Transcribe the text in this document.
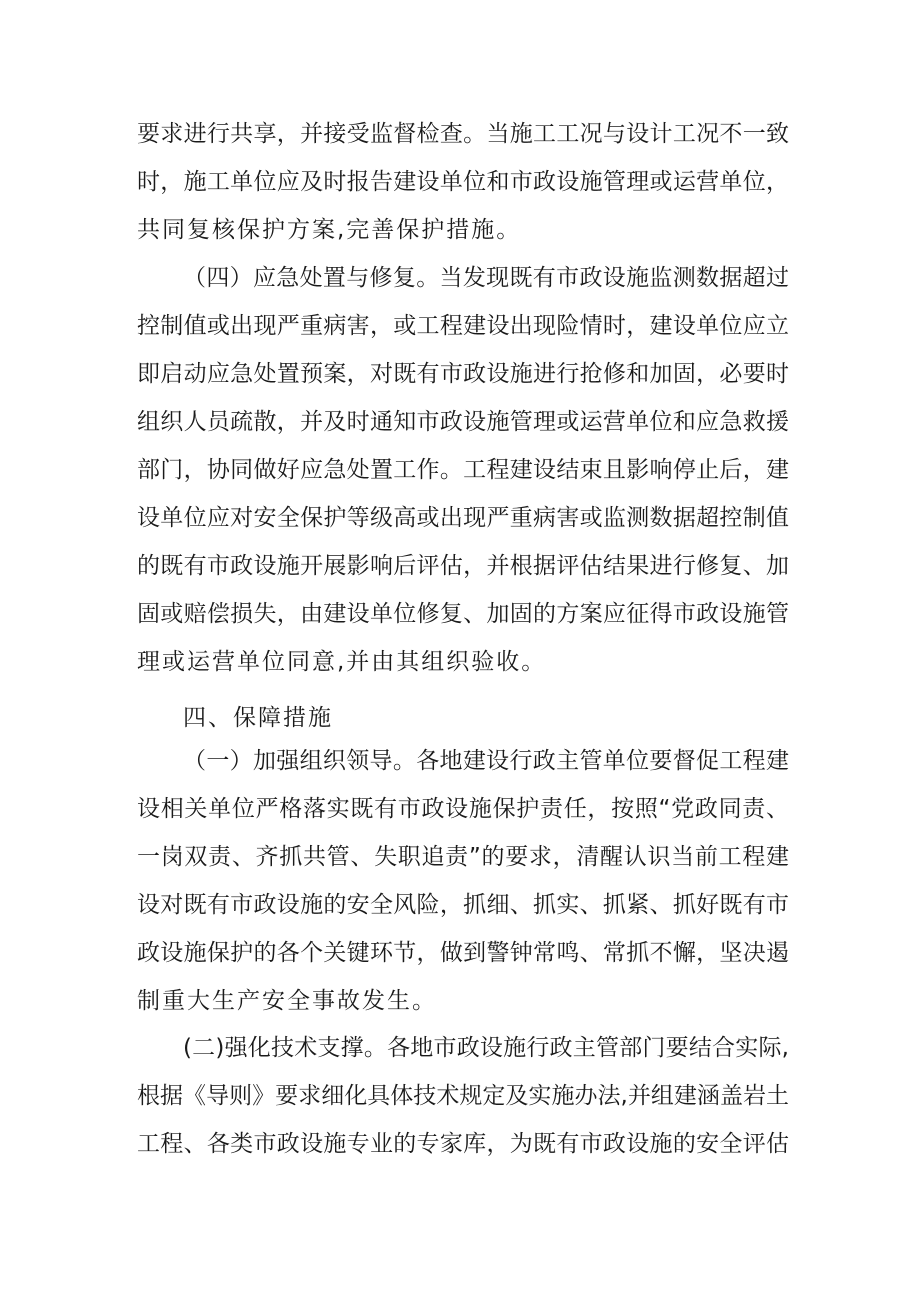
要求进行共享，并接受监督检查。当施工工况与设计工况不一致
时，施工单位应及时报告建设单位和市政设施管理或运营单位，
共同复核保护方案,完善保护措施。
（四）应急处置与修复。当发现既有市政设施监测数据超过
控制值或出现严重病害，或工程建设出现险情时，建设单位应立
即启动应急处置预案，对既有市政设施进行抢修和加固，必要时
组织人员疏散，并及时通知市政设施管理或运营单位和应急救援
部门，协同做好应急处置工作。工程建设结束且影响停止后，建
设单位应对安全保护等级高或出现严重病害或监测数据超控制值
的既有市政设施开展影响后评估，并根据评估结果进行修复、加
固或赔偿损失，由建设单位修复、加固的方案应征得市政设施管
理或运营单位同意,并由其组织验收。
四、保障措施
（一）加强组织领导。各地建设行政主管单位要督促工程建
设相关单位严格落实既有市政设施保护责任，按照“党政同责、
一岗双责、齐抓共管、失职追责”的要求，清醒认识当前工程建
设对既有市政设施的安全风险，抓细、抓实、抓紧、抓好既有市
政设施保护的各个关键环节，做到警钟常鸣、常抓不懈，坚决遏
制重大生产安全事故发生。
(二)强化技术支撑。各地市政设施行政主管部门要结合实际,
根据《导则》要求细化具体技术规定及实施办法,并组建涵盖岩土
工程、各类市政设施专业的专家库，为既有市政设施的安全评估
